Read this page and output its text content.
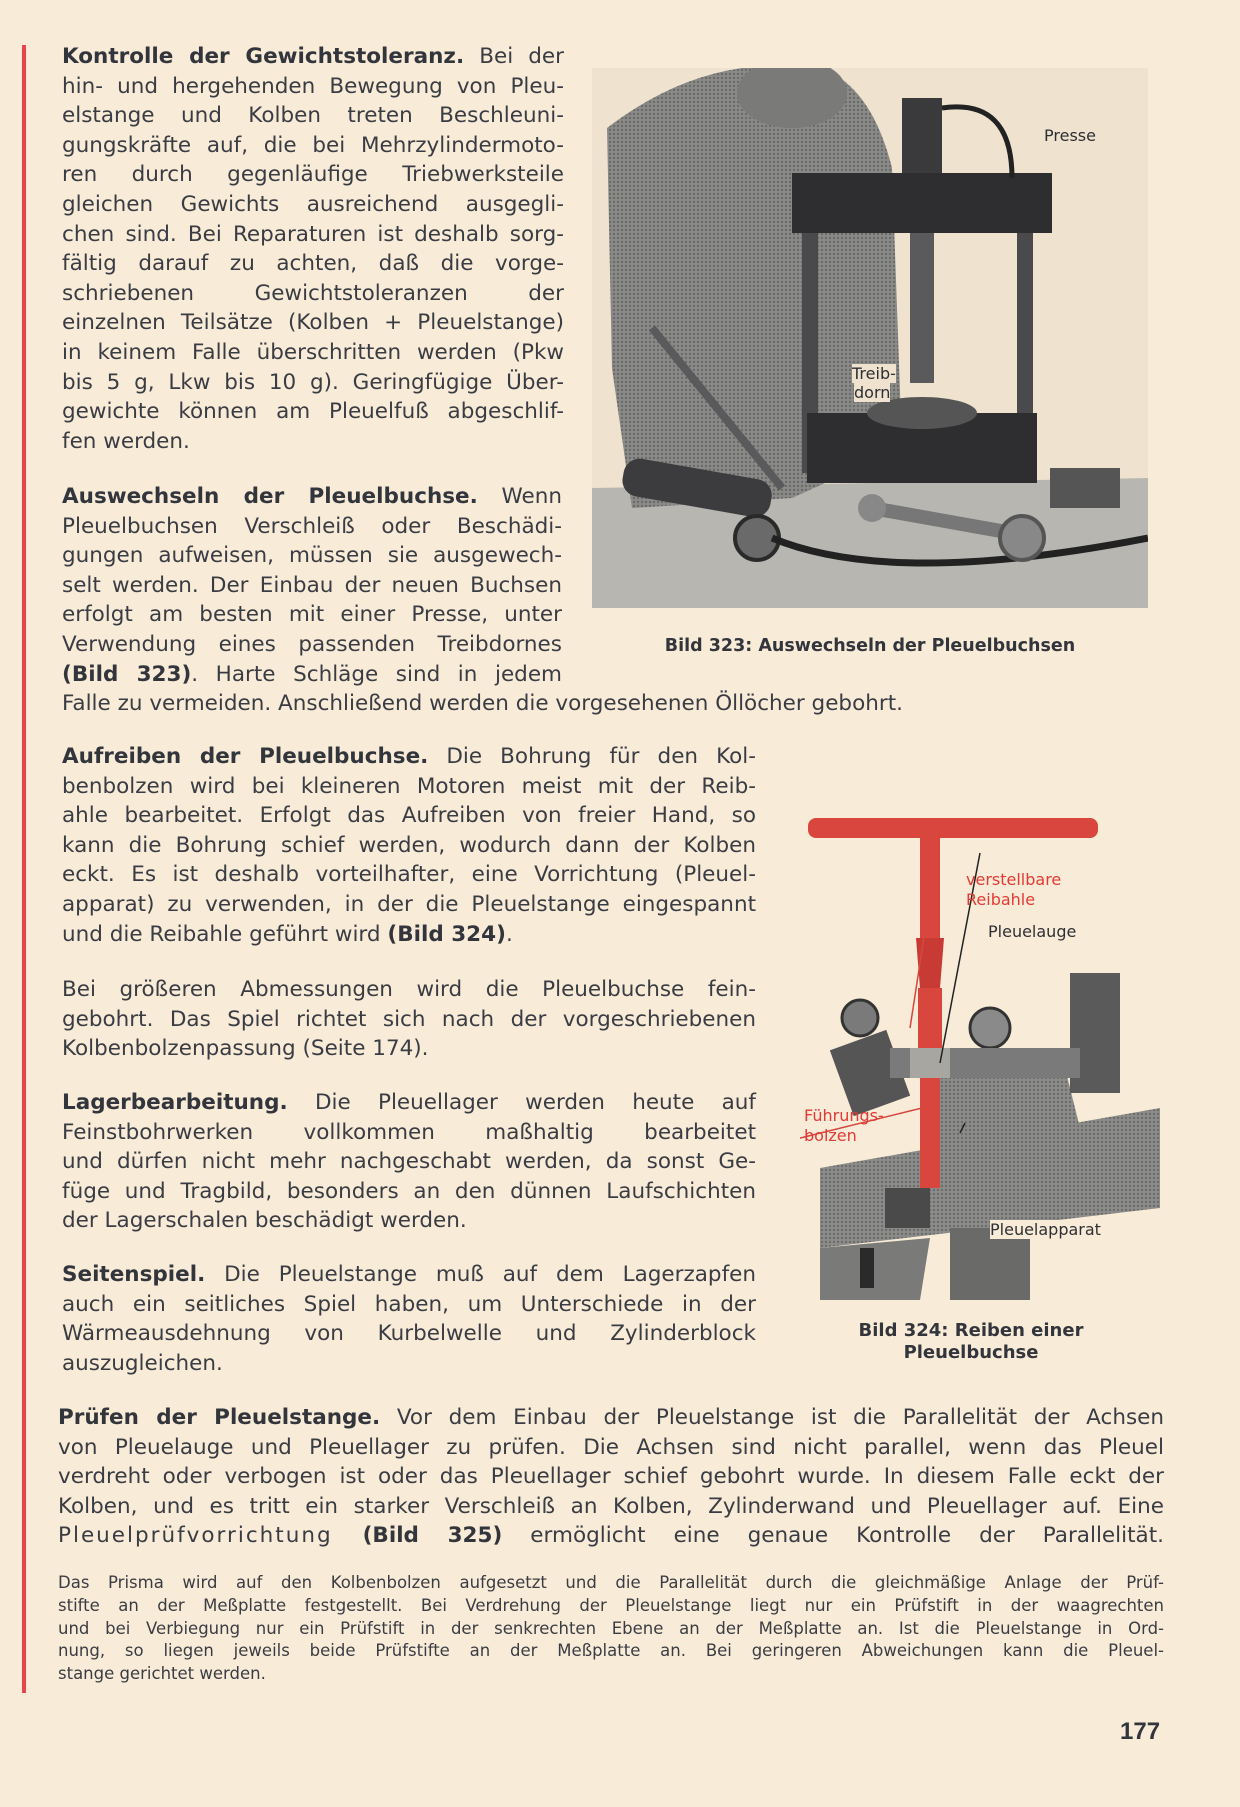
Kontrolle der Gewichtstoleranz. Bei der
hin- und hergehenden Bewegung von Pleu-
elstange und Kolben treten Beschleuni-
gungskräfte auf, die bei Mehrzylindermoto-
ren durch gegenläufige Triebwerksteile
gleichen Gewichts ausreichend ausgegli-
chen sind. Bei Reparaturen ist deshalb sorg-
fältig darauf zu achten, daß die vorge-
schriebenen Gewichtstoleranzen der
einzelnen Teilsätze (Kolben + Pleuelstange)
in keinem Falle überschritten werden (Pkw
bis 5 g, Lkw bis 10 g). Geringfügige Über-
gewichte können am Pleuelfuß abgeschlif-
fen werden.
Auswechseln der Pleuelbuchse. Wenn
Pleuelbuchsen Verschleiß oder Beschädi-
gungen aufweisen, müssen sie ausgewech-
selt werden. Der Einbau der neuen Buchsen
erfolgt am besten mit einer Presse, unter
Verwendung eines passenden Treibdornes
(Bild 323). Harte Schläge sind in jedem
Falle zu vermeiden. Anschließend werden die vorgesehenen Öllöcher gebohrt.
Presse
Treib-
dorn
Bild 323: Auswechseln der Pleuelbuchsen
Aufreiben der Pleuelbuchse. Die Bohrung für den Kol-
benbolzen wird bei kleineren Motoren meist mit der Reib-
ahle bearbeitet. Erfolgt das Aufreiben von freier Hand, so
kann die Bohrung schief werden, wodurch dann der Kolben
eckt. Es ist deshalb vorteilhafter, eine Vorrichtung (Pleuel-
apparat) zu verwenden, in der die Pleuelstange eingespannt
und die Reibahle geführt wird (Bild 324).
Bei größeren Abmessungen wird die Pleuelbuchse fein-
gebohrt. Das Spiel richtet sich nach der vorgeschriebenen
Kolbenbolzenpassung (Seite 174).
Lagerbearbeitung. Die Pleuellager werden heute auf
Feinstbohrwerken vollkommen maßhaltig bearbeitet
und dürfen nicht mehr nachgeschabt werden, da sonst Ge-
füge und Tragbild, besonders an den dünnen Laufschichten
der Lagerschalen beschädigt werden.
Seitenspiel. Die Pleuelstange muß auf dem Lagerzapfen
auch ein seitliches Spiel haben, um Unterschiede in der
Wärmeausdehnung von Kurbelwelle und Zylinderblock
auszugleichen.
verstellbare
Reibahle
Pleuelauge
Führungs-
bolzen
Pleuelapparat
Bild 324: Reiben einer
Pleuelbuchse
Prüfen der Pleuelstange. Vor dem Einbau der Pleuelstange ist die Parallelität der Achsen
von Pleuelauge und Pleuellager zu prüfen. Die Achsen sind nicht parallel, wenn das Pleuel
verdreht oder verbogen ist oder das Pleuellager schief gebohrt wurde. In diesem Falle eckt der
Kolben, und es tritt ein starker Verschleiß an Kolben, Zylinderwand und Pleuellager auf. Eine
Pleuelprüfvorrichtung (Bild 325) ermöglicht eine genaue Kontrolle der Parallelität.
Das Prisma wird auf den Kolbenbolzen aufgesetzt und die Parallelität durch die gleichmäßige Anlage der Prüf-
stifte an der Meßplatte festgestellt. Bei Verdrehung der Pleuelstange liegt nur ein Prüfstift in der waagrechten
und bei Verbiegung nur ein Prüfstift in der senkrechten Ebene an der Meßplatte an. Ist die Pleuelstange in Ord-
nung, so liegen jeweils beide Prüfstifte an der Meßplatte an. Bei geringeren Abweichungen kann die Pleuel-
stange gerichtet werden.
177
